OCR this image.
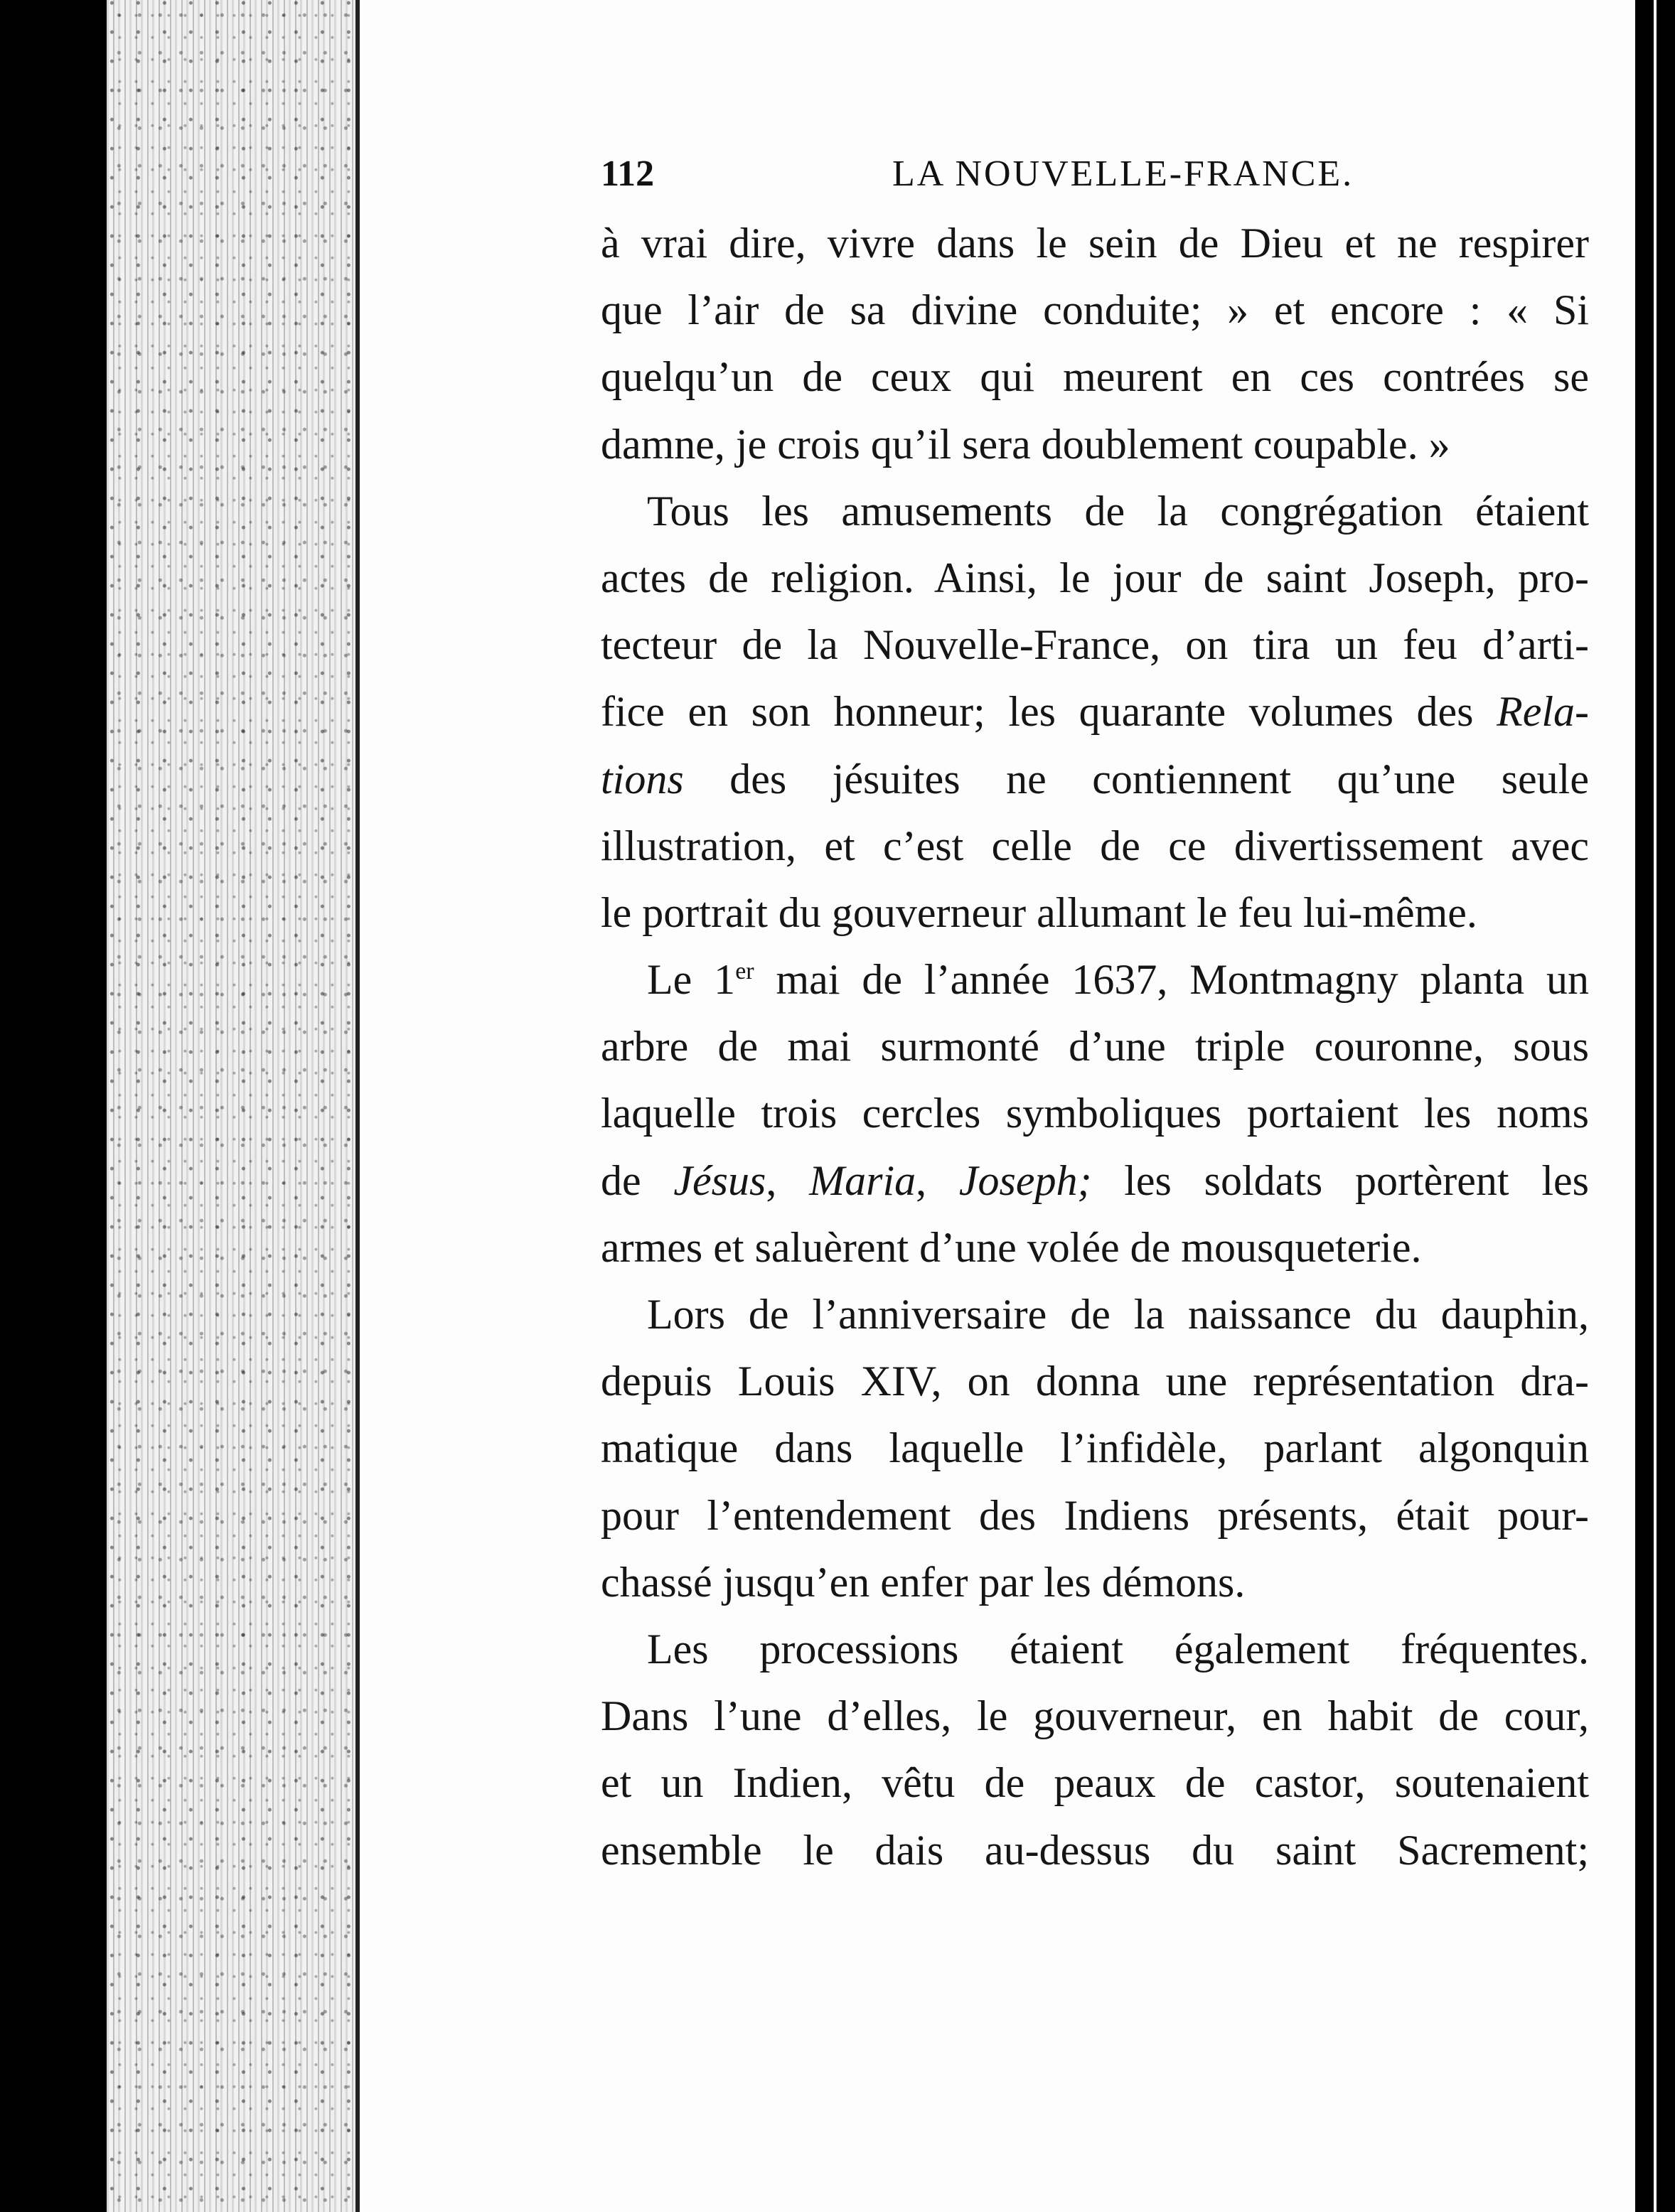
112	LA NOUVELLE-FRANCE.
à vrai dire, vivre dans le sein de Dieu et ne respirer
que l’air de sa divine conduite; » et encore : « Si
quelqu’un de ceux qui meurent en ces contrées se
damne, je crois qu’il sera doublement coupable. »
Tous les amusements de la congrégation étaient
actes de religion. Ainsi, le jour de saint Joseph, pro-
tecteur de la Nouvelle-France, on tira un feu d’arti-
fice en son honneur; les quarante volumes des Rela-
tions des jésuites ne contiennent qu’une seule
illustration, et c’est celle de ce divertissement avec
le portrait du gouverneur allumant le feu lui-même.
Le 1er mai de l’année 1637, Montmagny planta un
arbre de mai surmonté d’une triple couronne, sous
laquelle trois cercles symboliques portaient les noms
de Jésus, Maria, Joseph; les soldats portèrent les
armes et saluèrent d’une volée de mousqueterie.
Lors de l’anniversaire de la naissance du dauphin,
depuis Louis XIV, on donna une représentation dra-
matique dans laquelle l’infidèle, parlant algonquin
pour l’entendement des Indiens présents, était pour-
chassé jusqu’en enfer par les démons.
Les processions étaient également fréquentes.
Dans l’une d’elles, le gouverneur, en habit de cour,
et un Indien, vêtu de peaux de castor, soutenaient
ensemble le dais au-dessus du saint Sacrement;
